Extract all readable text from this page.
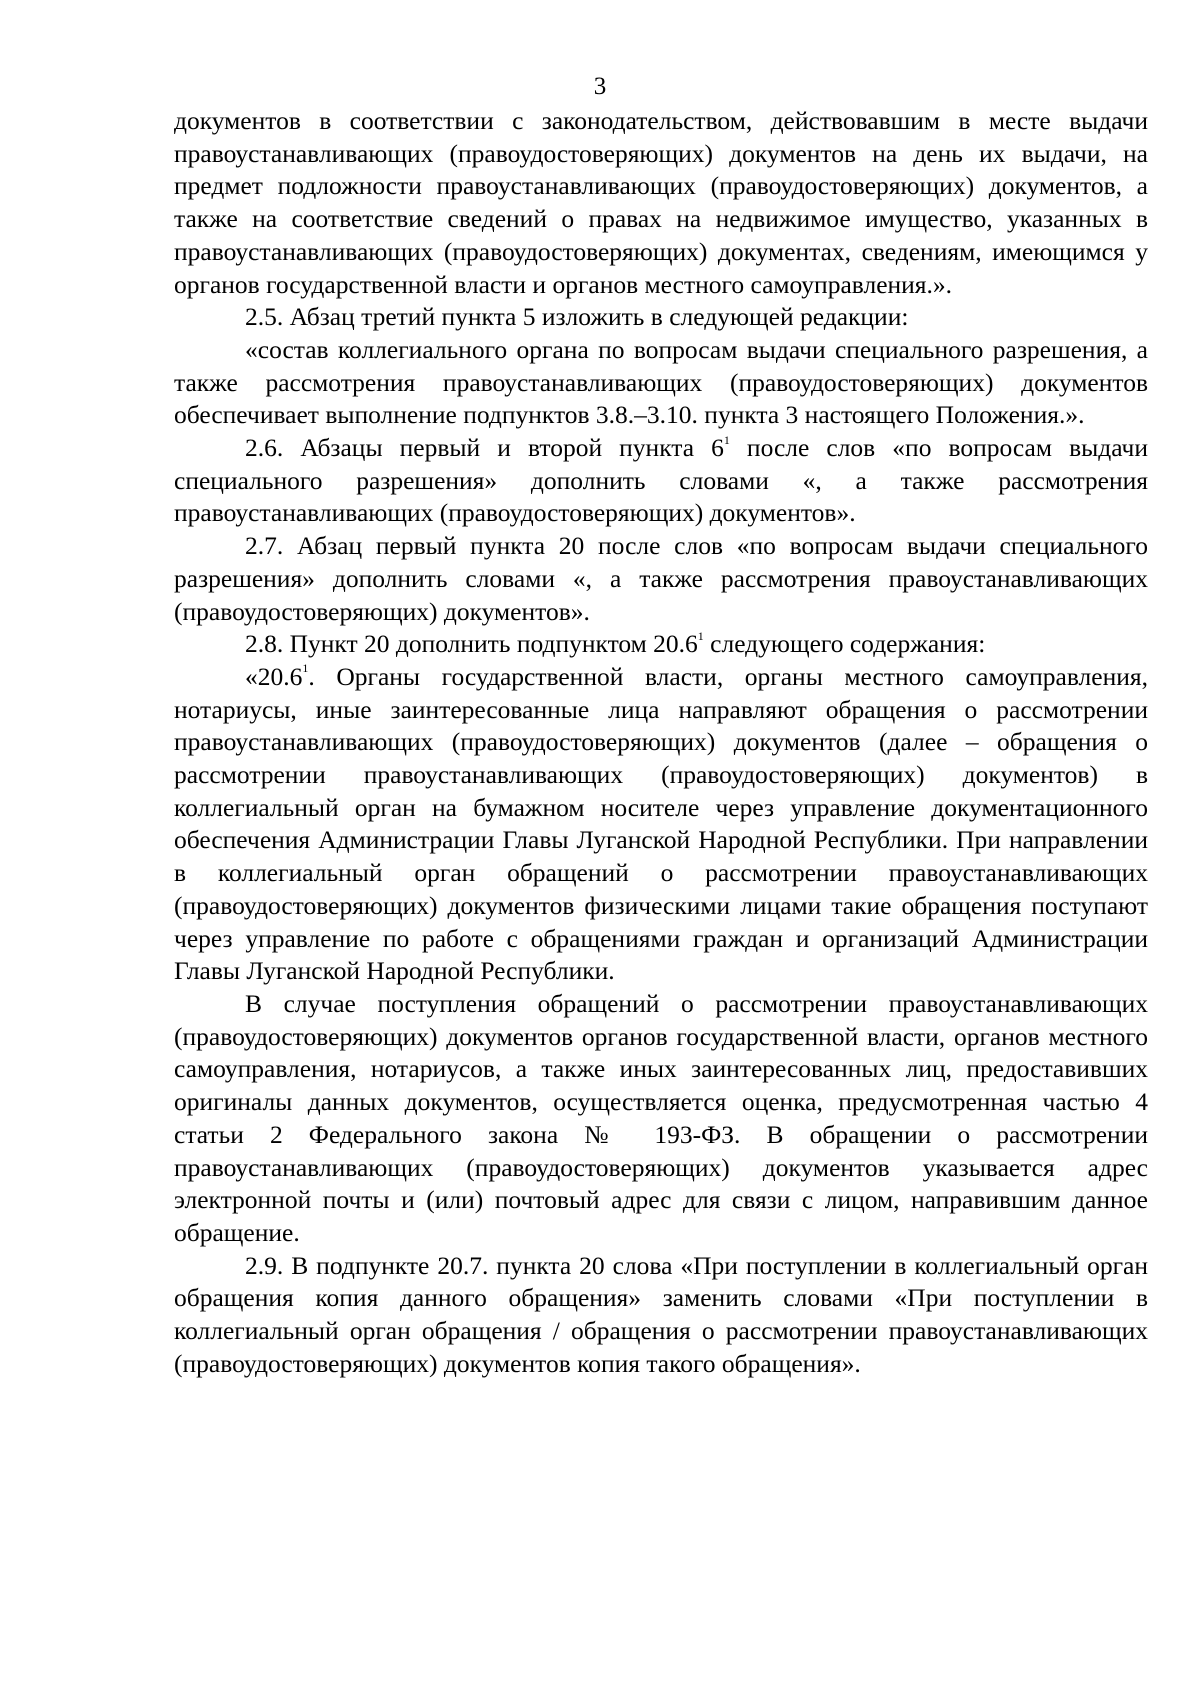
3

документов в соответствии с законодательством, действовавшим в месте выдачи правоустанавливающих (правоудостоверяющих) документов на день их выдачи, на предмет подложности правоустанавливающих (правоудостоверяющих) документов, а также на соответствие сведений о правах на недвижимое имущество, указанных в правоустанавливающих (правоудостоверяющих) документах, сведениям, имеющимся у органов государственной власти и органов местного самоуправления.».

2.5. Абзац третий пункта 5 изложить в следующей редакции:

«состав коллегиального органа по вопросам выдачи специального разрешения, а также рассмотрения правоустанавливающих (правоудостоверяющих) документов обеспечивает выполнение подпунктов 3.8.–3.10. пункта 3 настоящего Положения.».

2.6. Абзацы первый и второй пункта $6^1$ после слов «по вопросам выдачи специального разрешения» дополнить словами «, а также рассмотрения правоустанавливающих (правоудостоверяющих) документов».

2.7. Абзац первый пункта 20 после слов «по вопросам выдачи специального разрешения» дополнить словами «, а также рассмотрения правоустанавливающих (правоудостоверяющих) документов».

2.8. Пункт 20 дополнить подпунктом 20.6$^1$ следующего содержания:

«20.6$^1$. Органы государственной власти, органы местного самоуправления, нотариусы, иные заинтересованные лица направляют обращения о рассмотрении правоустанавливающих (правоудостоверяющих) документов (далее – обращения о рассмотрении правоустанавливающих (правоудостоверяющих) документов) в коллегиальный орган на бумажном носителе через управление документационного обеспечения Администрации Главы Луганской Народной Республики. При направлении в коллегиальный орган обращений о рассмотрении правоустанавливающих (правоудостоверяющих) документов физическими лицами такие обращения поступают через управление по работе с обращениями граждан и организаций Администрации Главы Луганской Народной Республики.

В случае поступления обращений о рассмотрении правоустанавливающих (правоудостоверяющих) документов органов государственной власти, органов местного самоуправления, нотариусов, а также иных заинтересованных лиц, предоставивших оригиналы данных документов, осуществляется оценка, предусмотренная частью 4 статьи 2 Федерального закона № 193-ФЗ. В обращении о рассмотрении правоустанавливающих (правоудостоверяющих) документов указывается адрес электронной почты и (или) почтовый адрес для связи с лицом, направившим данное обращение.

2.9. В подпункте 20.7. пункта 20 слова «При поступлении в коллегиальный орган обращения копия данного обращения» заменить словами «При поступлении в коллегиальный орган обращения / обращения о рассмотрении правоустанавливающих (правоудостоверяющих) документов копия такого обращения».
